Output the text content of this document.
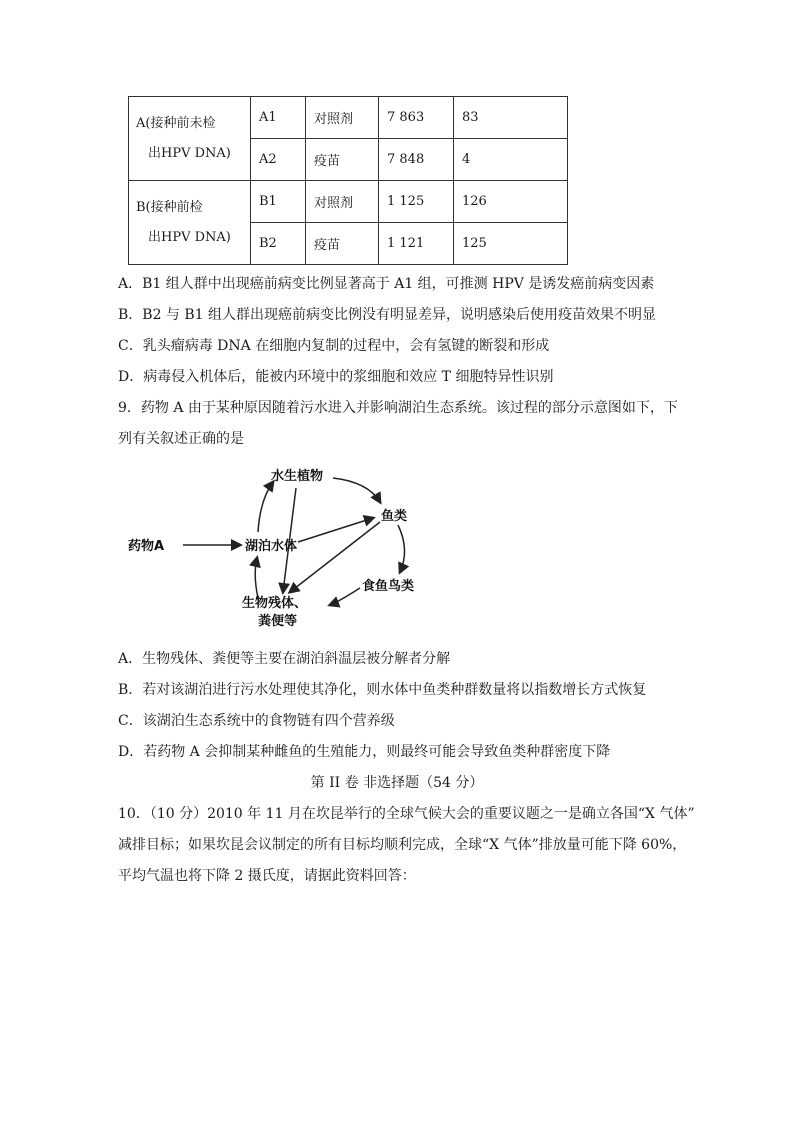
A(接种前未检
出HPV DNA)	A1	对照剂	7 863	83
	A2	疫苗	7 848	4
B(接种前检
出HPV DNA)	B1	对照剂	1 125	126
	B2	疫苗	1 121	125
A．B1 组人群中出现癌前病变比例显著高于 A1 组，可推测 HPV 是诱发癌前病变因素
B．B2 与 B1 组人群出现癌前病变比例没有明显差异，说明感染后使用疫苗效果不明显
C．乳头瘤病毒 DNA 在细胞内复制的过程中，会有氢键的断裂和形成
D．病毒侵入机体后，能被内环境中的浆细胞和效应 T 细胞特异性识别
9．药物 A 由于某种原因随着污水进入并影响湖泊生态系统。该过程的部分示意图如下，下
列有关叙述正确的是
药物A	湖泊水体
水生植物
鱼类
食鱼鸟类
生物残体、
粪便等
A．生物残体、粪便等主要在湖泊斜温层被分解者分解
B．若对该湖泊进行污水处理使其净化，则水体中鱼类种群数量将以指数增长方式恢复
C．该湖泊生态系统中的食物链有四个营养级
D．若药物 A 会抑制某种雌鱼的生殖能力，则最终可能会导致鱼类种群密度下降
第 II 卷 非选择题（54 分）
10．（10 分）2010 年 11 月在坎昆举行的全球气候大会的重要议题之一是确立各国“X 气体”
减排目标；如果坎昆会议制定的所有目标均顺利完成，全球“X 气体”排放量可能下降 60%，
平均气温也将下降 2 摄氏度，请据此资料回答：
